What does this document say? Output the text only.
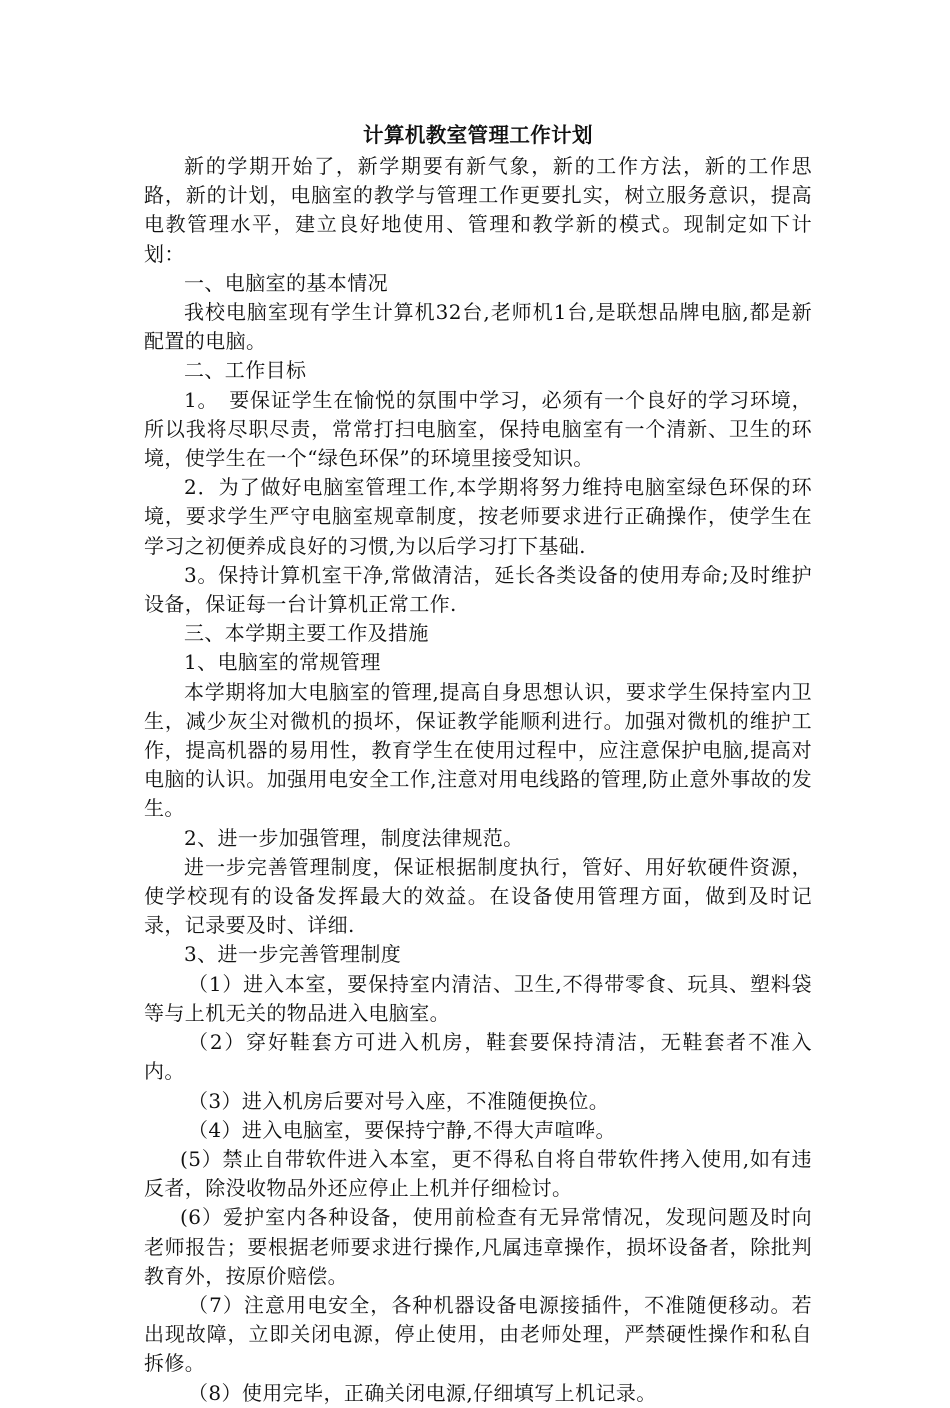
计算机教室管理工作计划

新的学期开始了，新学期要有新气象，新的工作方法，新的工作思路，新的计划，电脑室的教学与管理工作更要扎实，树立服务意识，提高电教管理水平，建立良好地使用、管理和教学新的模式。现制定如下计划：

一、电脑室的基本情况

我校电脑室现有学生计算机32台,老师机1台,是联想品牌电脑,都是新配置的电脑。

二、工作目标

1。　要保证学生在愉悦的氛围中学习，必须有一个良好的学习环境，所以我将尽职尽责，常常打扫电脑室，保持电脑室有一个清新、卫生的环境，使学生在一个“绿色环保”的环境里接受知识。

2．为了做好电脑室管理工作,本学期将努力维持电脑室绿色环保的环境，要求学生严守电脑室规章制度，按老师要求进行正确操作，使学生在学习之初便养成良好的习惯,为以后学习打下基础.

3。保持计算机室干净,常做清洁，延长各类设备的使用寿命;及时维护设备，保证每一台计算机正常工作.

三、本学期主要工作及措施

1、电脑室的常规管理

本学期将加大电脑室的管理,提高自身思想认识，要求学生保持室内卫生，减少灰尘对微机的损坏，保证教学能顺利进行。加强对微机的维护工作，提高机器的易用性，教育学生在使用过程中，应注意保护电脑,提高对电脑的认识。加强用电安全工作,注意对用电线路的管理,防止意外事故的发生。

2、进一步加强管理，制度法律规范。

进一步完善管理制度，保证根据制度执行，管好、用好软硬件资源，使学校现有的设备发挥最大的效益。在设备使用管理方面，做到及时记录，记录要及时、详细.

3、进一步完善管理制度

（1）进入本室，要保持室内清洁、卫生,不得带零食、玩具、塑料袋等与上机无关的物品进入电脑室。

（2）穿好鞋套方可进入机房，鞋套要保持清洁，无鞋套者不准入内。

（3）进入机房后要对号入座，不准随便换位。

（4）进入电脑室，要保持宁静,不得大声喧哗。

(5）禁止自带软件进入本室，更不得私自将自带软件拷入使用,如有违反者，除没收物品外还应停止上机并仔细检讨。

(6）爱护室内各种设备，使用前检查有无异常情况，发现问题及时向老师报告；要根据老师要求进行操作,凡属违章操作，损坏设备者，除批判教育外，按原价赔偿。

（7）注意用电安全，各种机器设备电源接插件，不准随便移动。若出现故障，立即关闭电源，停止使用，由老师处理，严禁硬性操作和私自拆修。

（8）使用完毕，正确关闭电源,仔细填写上机记录。
